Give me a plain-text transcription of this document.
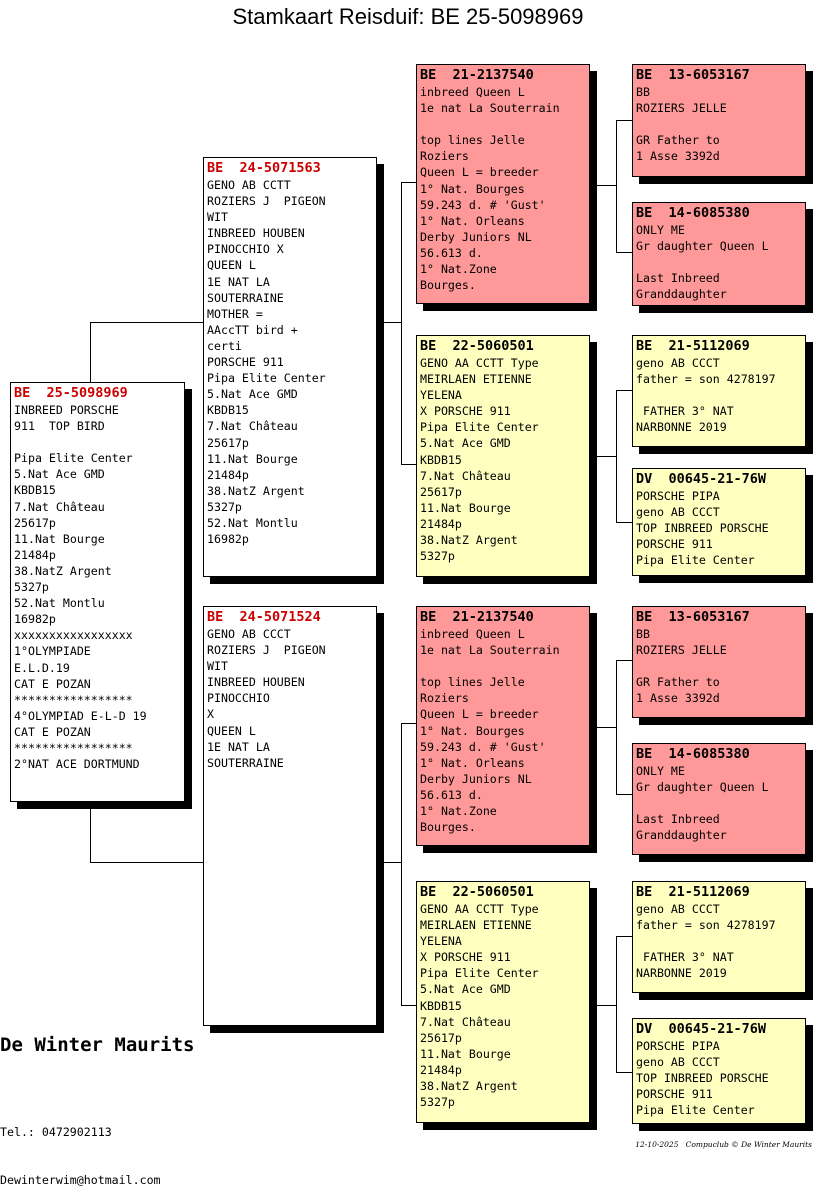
Stamkaart Reisduif: BE 25-5098969
BE  25-5098969
INBREED PORSCHE
911  TOP BIRD

Pipa Elite Center
5.Nat Ace GMD
KBDB15
7.Nat Château
25617p
11.Nat Bourge
21484p
38.NatZ Argent
5327p
52.Nat Montlu
16982p
xxxxxxxxxxxxxxxxx
1°OLYMPIADE
E.L.D.19
CAT E POZAN
*****************
4°OLYMPIAD E-L-D 19
CAT E POZAN
*****************
2°NAT ACE DORTMUND
BE  24-5071563
GENO AB CCTT
ROZIERS J  PIGEON
WIT
INBREED HOUBEN
PINOCCHIO X
QUEEN L
1E NAT LA
SOUTERRAINE
MOTHER =
AAccTT bird +
certi
PORSCHE 911
Pipa Elite Center
5.Nat Ace GMD
KBDB15
7.Nat Château
25617p
11.Nat Bourge
21484p
38.NatZ Argent
5327p
52.Nat Montlu
16982p
BE  24-5071524
GENO AB CCCT
ROZIERS J  PIGEON
WIT
INBREED HOUBEN
PINOCCHIO
X
QUEEN L
1E NAT LA
SOUTERRAINE
BE  21-2137540
inbreed Queen L
1e nat La Souterrain

top lines Jelle
Roziers
Queen L = breeder
1° Nat. Bourges
59.243 d. # 'Gust'
1° Nat. Orleans
Derby Juniors NL
56.613 d.
1° Nat.Zone
Bourges.
BE  22-5060501
GENO AA CCTT Type
MEIRLAEN ETIENNE
YELENA
X PORSCHE 911
Pipa Elite Center
5.Nat Ace GMD
KBDB15
7.Nat Château
25617p
11.Nat Bourge
21484p
38.NatZ Argent
5327p
BE  21-2137540
inbreed Queen L
1e nat La Souterrain

top lines Jelle
Roziers
Queen L = breeder
1° Nat. Bourges
59.243 d. # 'Gust'
1° Nat. Orleans
Derby Juniors NL
56.613 d.
1° Nat.Zone
Bourges.
BE  22-5060501
GENO AA CCTT Type
MEIRLAEN ETIENNE
YELENA
X PORSCHE 911
Pipa Elite Center
5.Nat Ace GMD
KBDB15
7.Nat Château
25617p
11.Nat Bourge
21484p
38.NatZ Argent
5327p
BE  13-6053167
BB
ROZIERS JELLE

GR Father to
1 Asse 3392d
BE  14-6085380
ONLY ME
Gr daughter Queen L

Last Inbreed
Granddaughter
BE  21-5112069
geno AB CCCT
father = son 4278197

FATHER 3° NAT
NARBONNE 2019
DV  00645-21-76W
PORSCHE PIPA
geno AB CCCT
TOP INBREED PORSCHE
PORSCHE 911
Pipa Elite Center
BE  13-6053167
BB
ROZIERS JELLE

GR Father to
1 Asse 3392d
BE  14-6085380
ONLY ME
Gr daughter Queen L

Last Inbreed
Granddaughter
BE  21-5112069
geno AB CCCT
father = son 4278197

FATHER 3° NAT
NARBONNE 2019
DV  00645-21-76W
PORSCHE PIPA
geno AB CCCT
TOP INBREED PORSCHE
PORSCHE 911
Pipa Elite Center
De Winter Maurits

Tel.: 0472902113

Dewinterwim@hotmail.com

12-10-2025   Compuclub © De Winter Maurits
